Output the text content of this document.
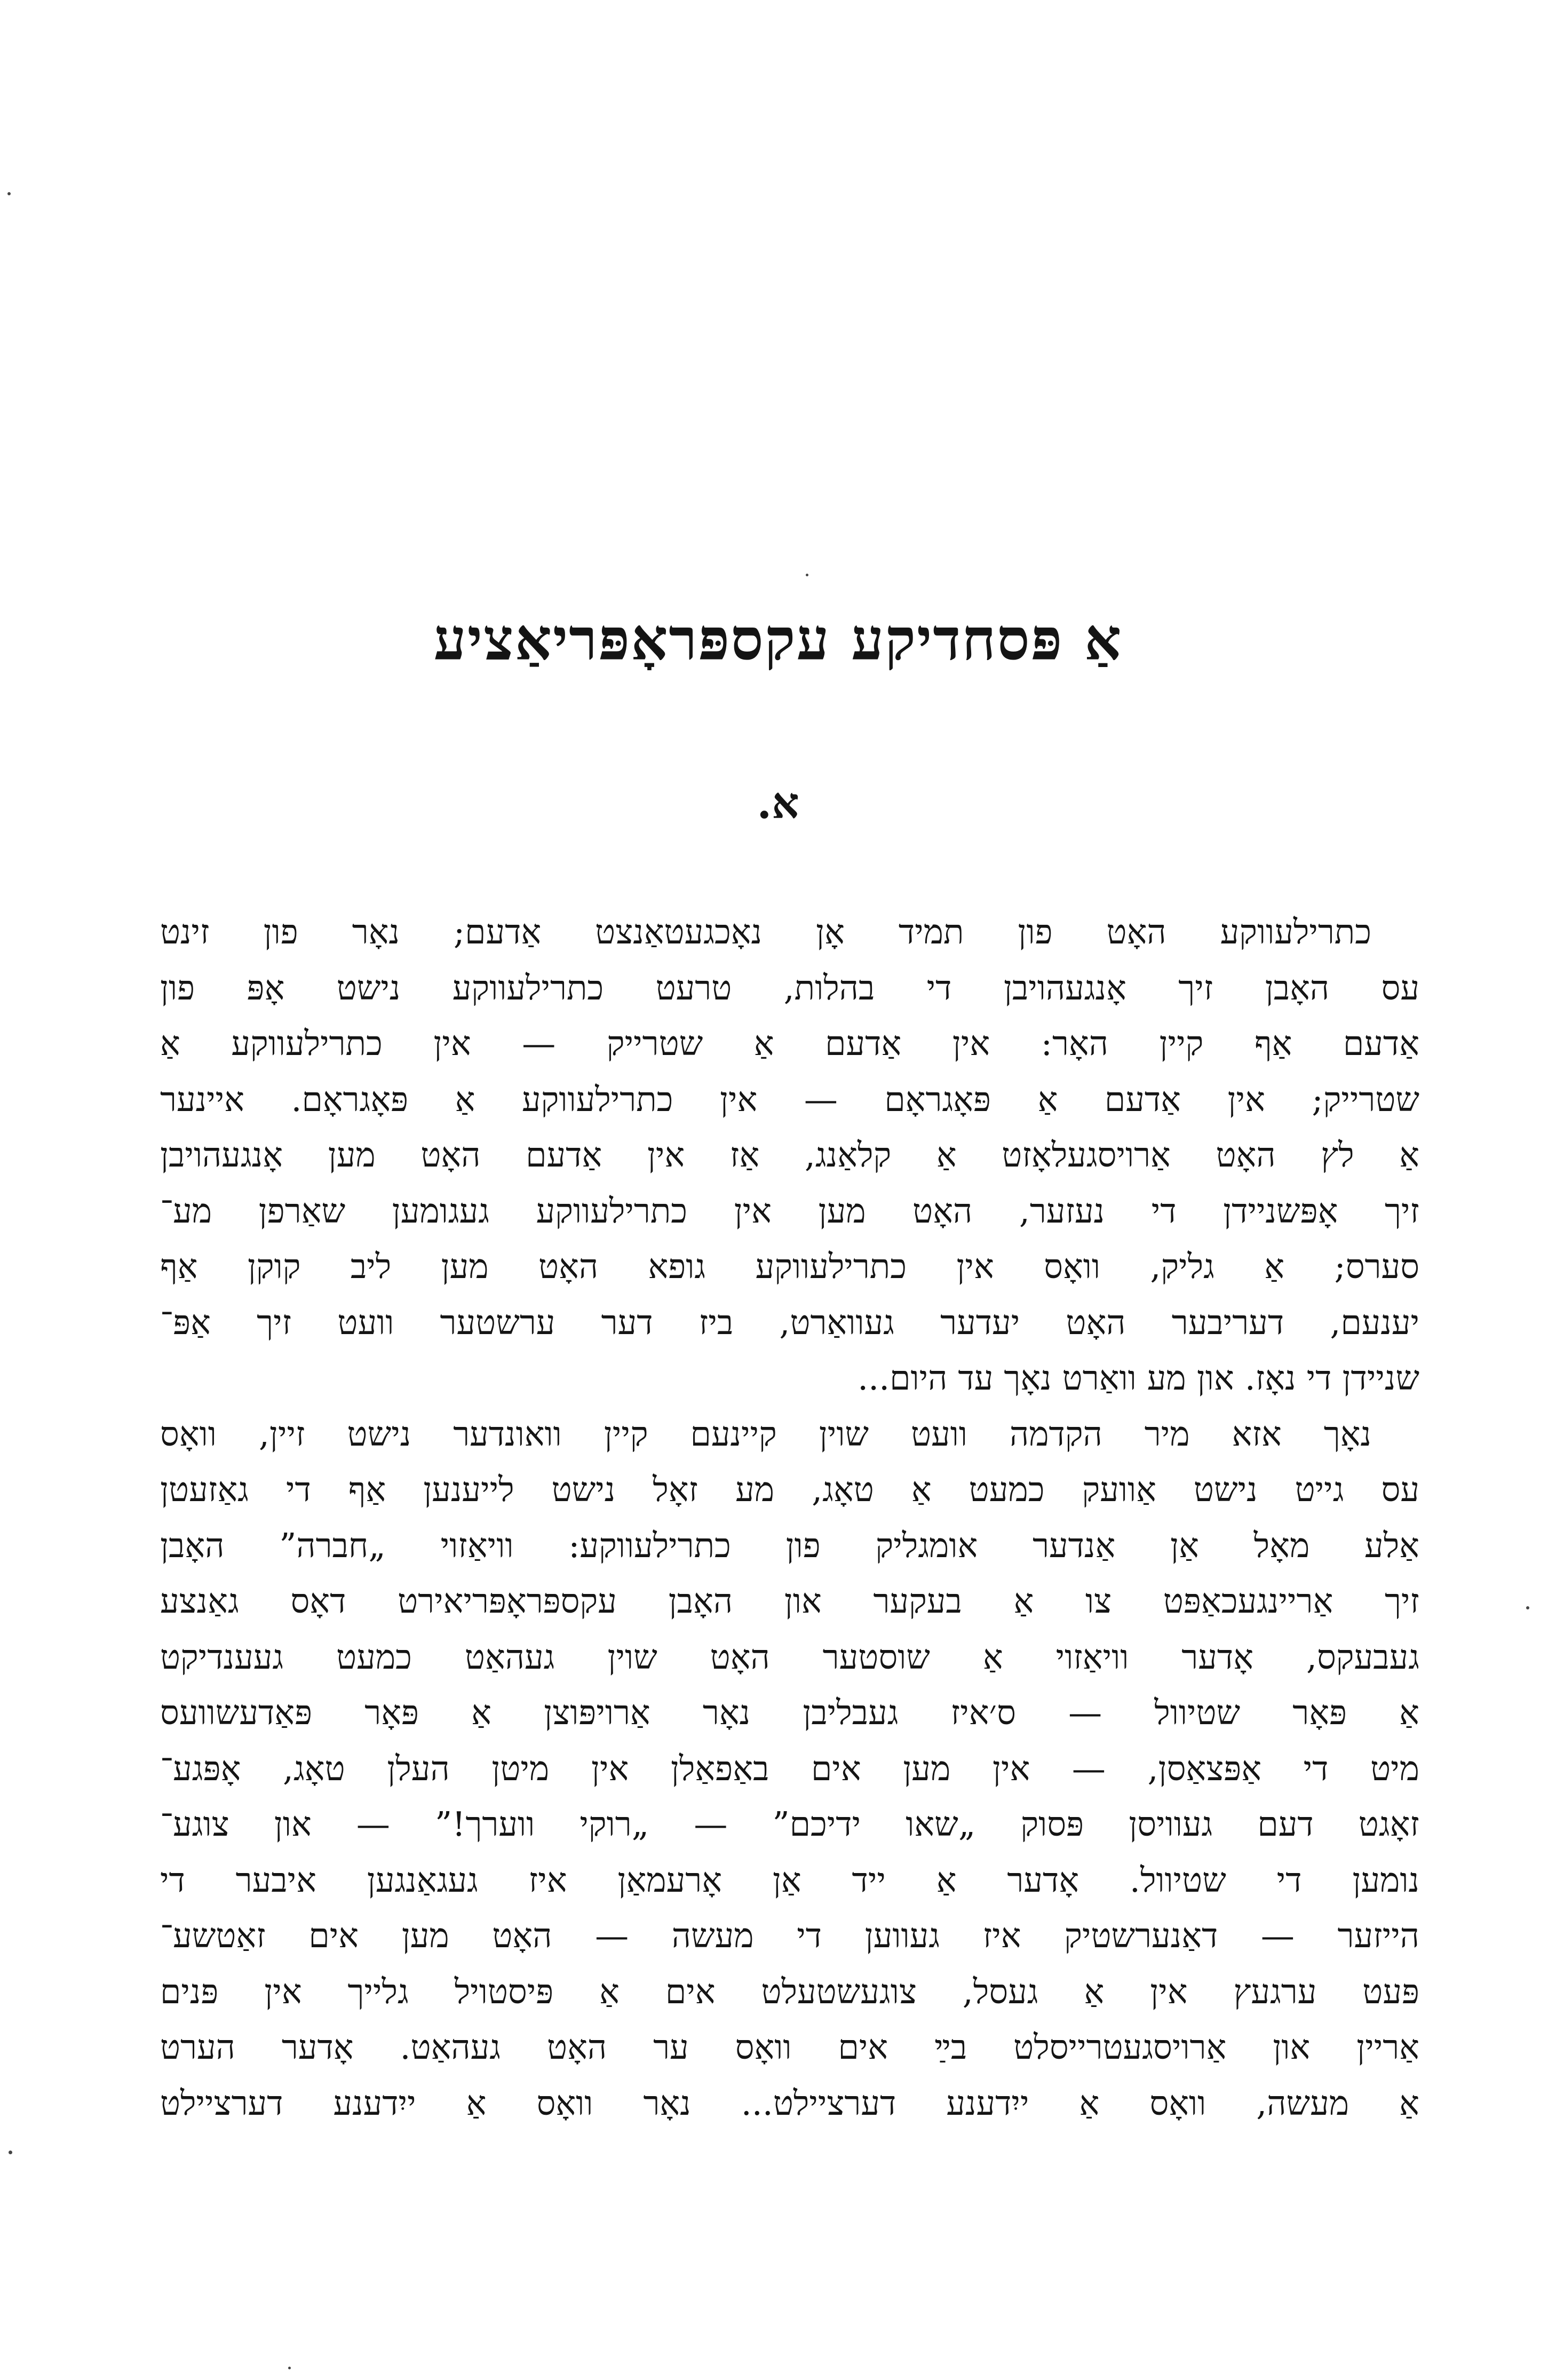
אַ פּסחדיקע עקספּראָפּריאַציע
א.
כתרילעווקע האָט פון תמיד אָן נאָכגעטאַנצט אַדעם; נאָר פון זינט
עס האָבן זיך אָנגעהויבן די בהלות, טרעט כתרילעווקע נישט אָפּ פון
אַדעם אַף קיין האָר: אין אַדעם אַ שטרייק — אין כתרילעווקע אַ
שטרייק; אין אַדעם אַ פּאָגראָם — אין כתרילעווקע אַ פּאָגראָם. איינער
אַ לץ האָט אַרויסגעלאָזט אַ קלאַנג, אַז אין אַדעם האָט מען אָנגעהויבן
זיך אָפּשניידן די נעזער, האָט מען אין כתרילעווקע געגומען שאַרפן מע־
סערס; אַ גליק, וואָס אין כתרילעווקע גופא האָט מען ליב קוקן אַף
יענעם, דעריבער האָט יעדער געוואַרט, ביז דער ערשטער וועט זיך אַפּ־
שניידן די נאָז. און מע וואַרט נאָך עד היום...
נאָך אזא מיר הקדמה וועט שוין קיינעם קיין וואונדער נישט זיין, וואָס
עס גייט נישט אַוועק כמעט אַ טאָג, מע זאָל נישט לייענען אַף די גאַזעטן
אַלע מאָל אַן אַנדער אומגליק פון כתרילעווקע: וויאַזוי „חברה” האָבן
זיך אַריינגעכאַפּט צו אַ בעקער און האָבן עקספּראָפּריאירט דאָס גאַנצע
געבעקס, אָדער וויאַזוי אַ שוסטער האָט שוין געהאַט כמעט געענדיקט
אַ פּאָר שטיוול — ס׳איז געבליבן נאָר אַרויפּוצן אַ פּאָר פּאַדעשוועס
מיט די אַפּצאַסן, — אין מען אים באַפאַלן אין מיטן העלן טאָג, אָפּגע־
זאָגט דעם געוויסן פּסוק „שאו ידיכם” — „רוקי ווערך!” — און צוגע־
נומען די שטיוול. אָדער אַ ייד אַן אָרעמאַן איז געגאַנגען איבער די
הייזער — דאַנערשטיק איז געווען די מעשה — האָט מען אים זאַטשע־
פּעט ערגעץ אין אַ געסל, צוגעשטעלט אים אַ פּיסטויל גלייך אין פּנים
אַריין און אַרויסגעטרייסלט בײַ אים וואָס ער האָט געהאַט. אָדער הערט
אַ מעשה, וואָס אַ ייִדענע דערציילט... נאָר וואָס אַ ייִדענע דערציילט
